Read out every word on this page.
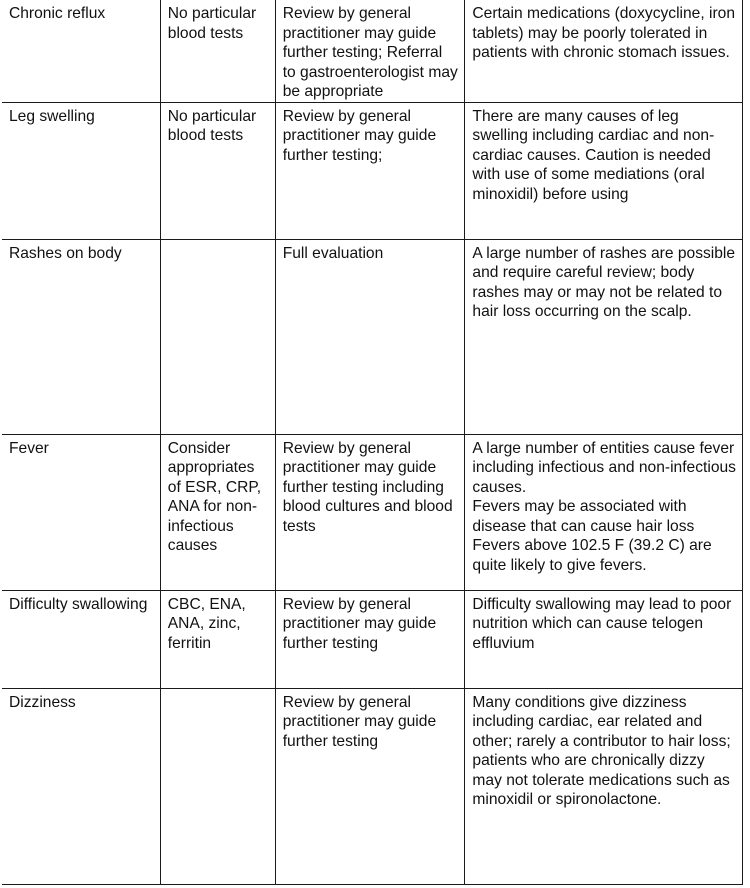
Chronic reflux	No particular blood tests	Review by general practitioner may guide further testing; Referral to gastroenterologist may be appropriate	Certain medications (doxycycline, iron tablets) may be poorly tolerated in patients with chronic stomach issues.
Leg swelling	No particular blood tests	Review by general practitioner may guide further testing;	There are many causes of leg swelling including cardiac and non-cardiac causes. Caution is needed with use of some mediations (oral minoxidil) before using
Rashes on body		Full evaluation	A large number of rashes are possible and require careful review; body rashes may or may not be related to hair loss occurring on the scalp.
Fever	Consider appropriates of ESR, CRP, ANA for non-infectious causes	Review by general practitioner may guide further testing including blood cultures and blood tests	A large number of entities cause fever including infectious and non-infectious causes.
Fevers may be associated with disease that can cause hair loss Fevers above 102.5 F (39.2 C) are quite likely to give fevers.
Difficulty swallowing	CBC, ENA, ANA, zinc, ferritin	Review by general practitioner may guide further testing	Difficulty swallowing may lead to poor nutrition which can cause telogen effluvium
Dizziness		Review by general practitioner may guide further testing	Many conditions give dizziness including cardiac, ear related and other; rarely a contributor to hair loss; patients who are chronically dizzy may not tolerate medications such as minoxidil or spironolactone.
